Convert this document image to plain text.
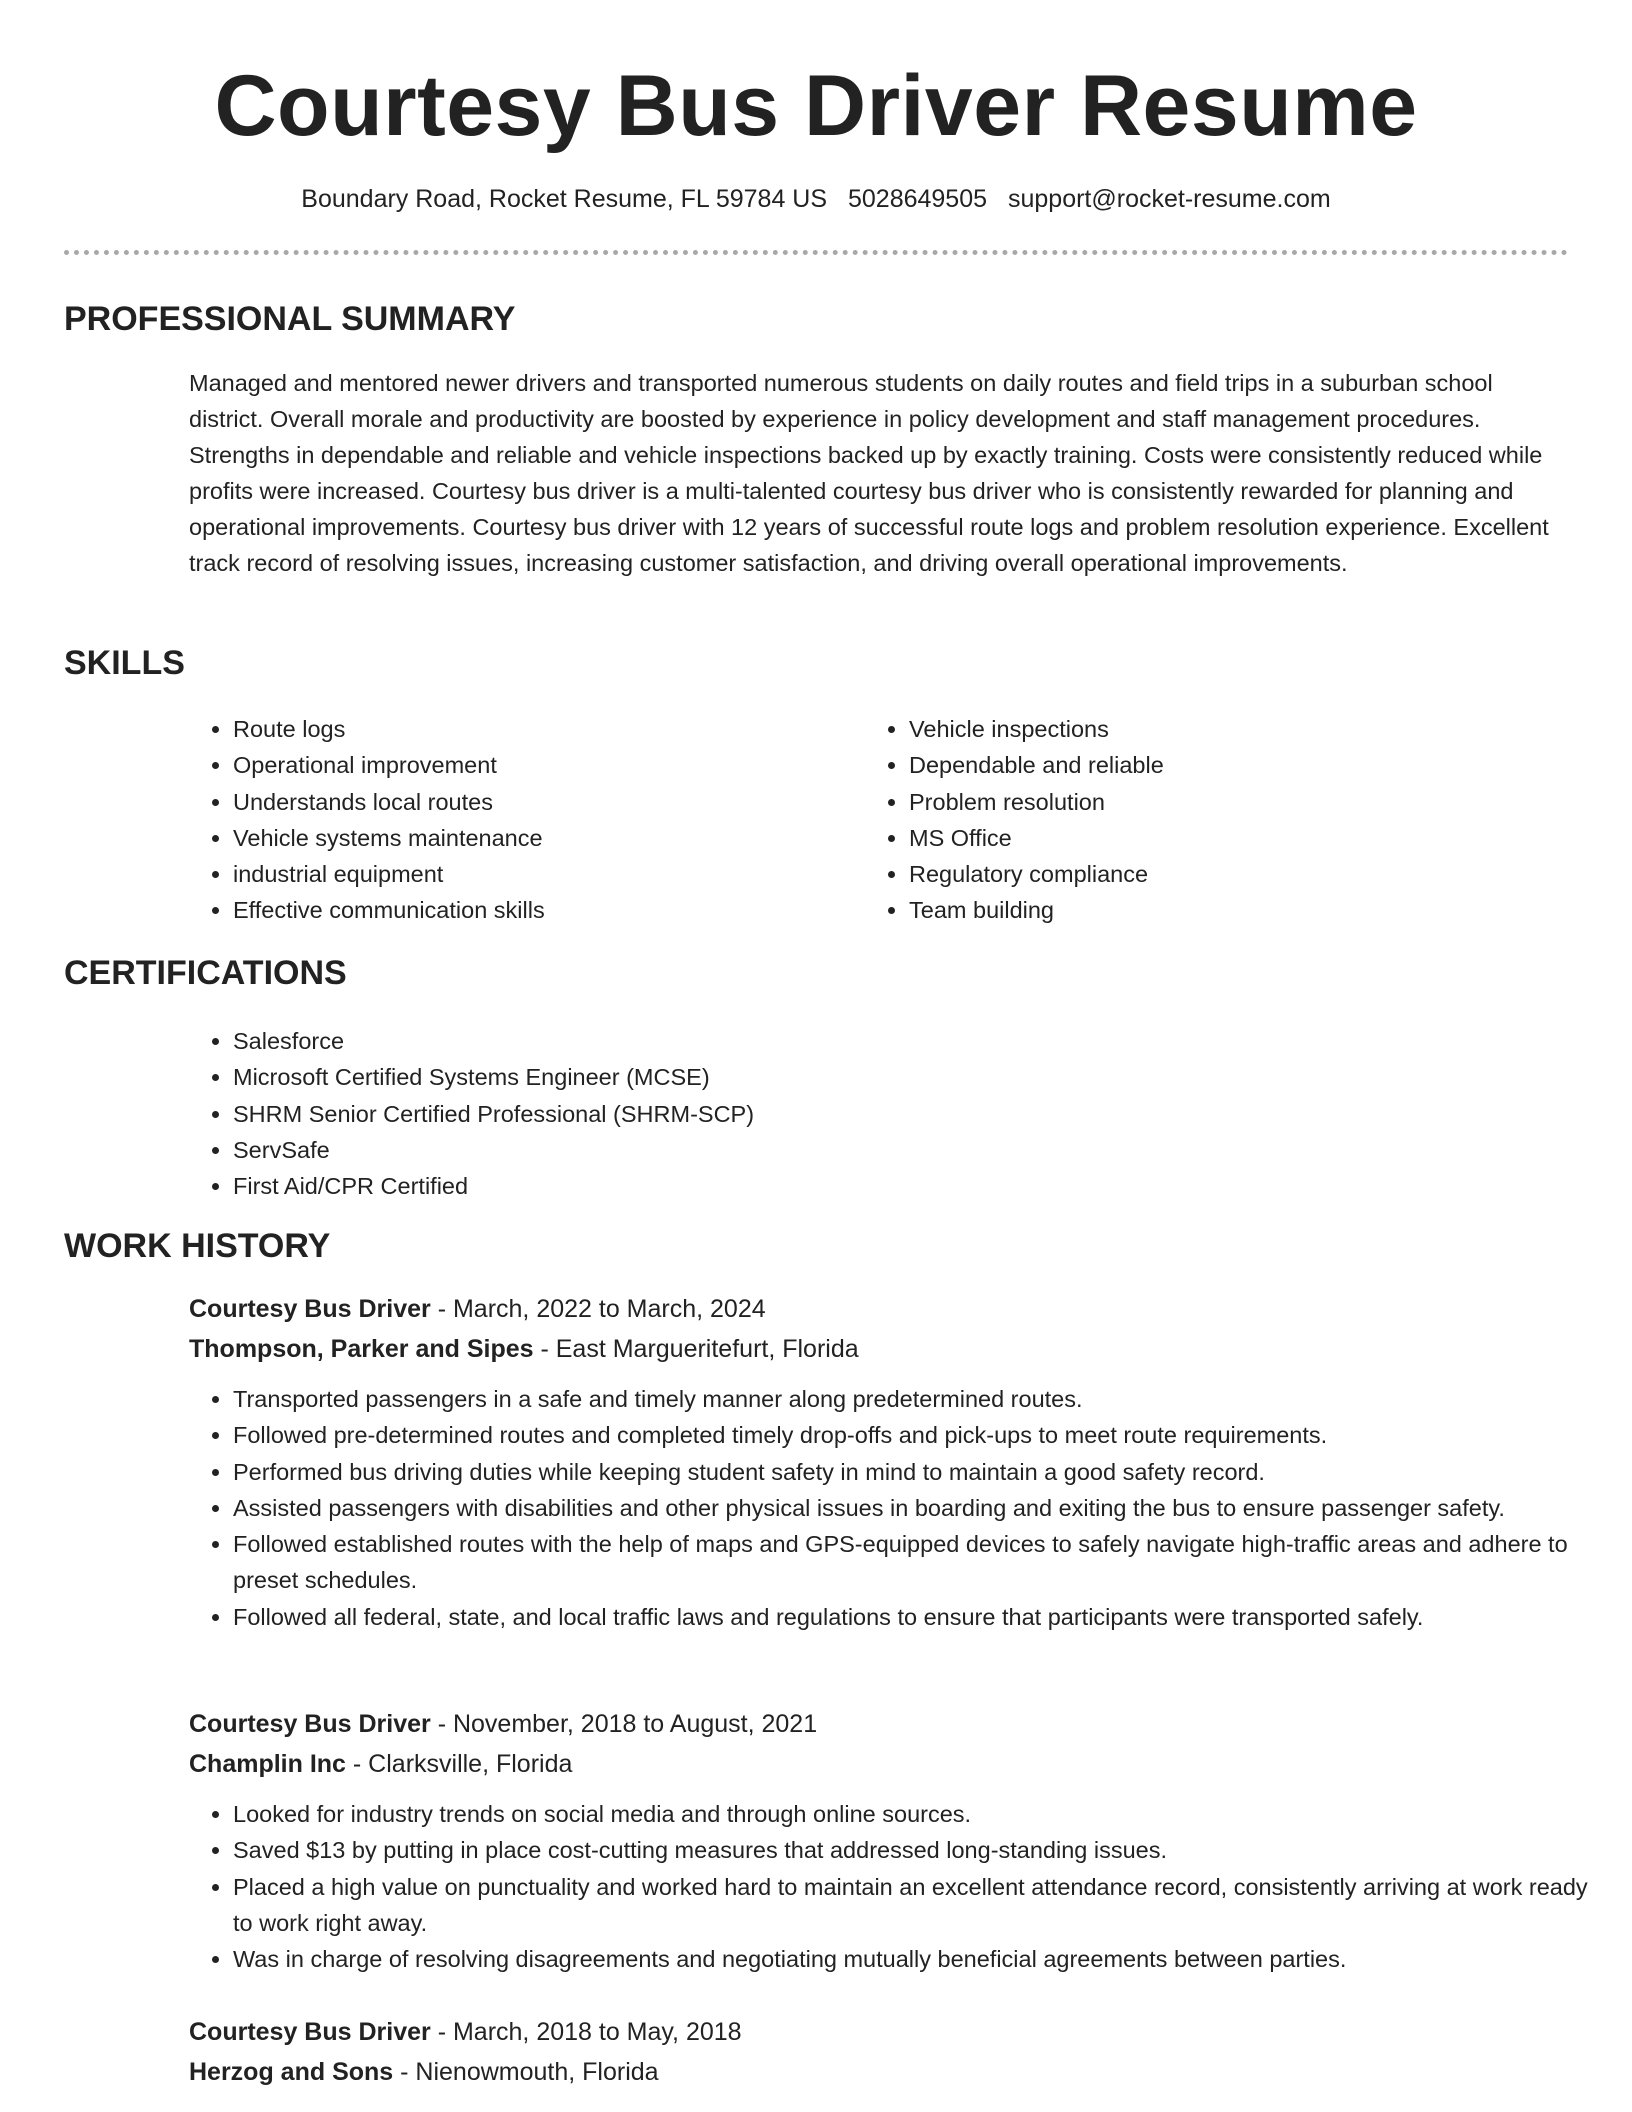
Courtesy Bus Driver Resume
Boundary Road, Rocket Resume, FL 59784 US 5028649505 support@rocket-resume.com
PROFESSIONAL SUMMARY

Managed and mentored newer drivers and transported numerous students on daily routes and field trips in a suburban school district. Overall morale and productivity are boosted by experience in policy development and staff management procedures. Strengths in dependable and reliable and vehicle inspections backed up by exactly training. Costs were consistently reduced while profits were increased. Courtesy bus driver is a multi-talented courtesy bus driver who is consistently rewarded for planning and operational improvements. Courtesy bus driver with 12 years of successful route logs and problem resolution experience. Excellent track record of resolving issues, increasing customer satisfaction, and driving overall operational improvements.

SKILLS
• Route logs
• Operational improvement
• Understands local routes
• Vehicle systems maintenance
• industrial equipment
• Effective communication skills
• Vehicle inspections
• Dependable and reliable
• Problem resolution
• MS Office
• Regulatory compliance
• Team building
CERTIFICATIONS
• Salesforce
• Microsoft Certified Systems Engineer (MCSE)
• SHRM Senior Certified Professional (SHRM-SCP)
• ServSafe
• First Aid/CPR Certified
WORK HISTORY
Courtesy Bus Driver - March, 2022 to March, 2024
Thompson, Parker and Sipes - East Margueritefurt, Florida
• Transported passengers in a safe and timely manner along predetermined routes.
• Followed pre-determined routes and completed timely drop-offs and pick-ups to meet route requirements.
• Performed bus driving duties while keeping student safety in mind to maintain a good safety record.
• Assisted passengers with disabilities and other physical issues in boarding and exiting the bus to ensure passenger safety.
• Followed established routes with the help of maps and GPS-equipped devices to safely navigate high-traffic areas and adhere to preset schedules.
• Followed all federal, state, and local traffic laws and regulations to ensure that participants were transported safely.
Courtesy Bus Driver - November, 2018 to August, 2021
Champlin Inc - Clarksville, Florida
• Looked for industry trends on social media and through online sources.
• Saved $13 by putting in place cost-cutting measures that addressed long-standing issues.
• Placed a high value on punctuality and worked hard to maintain an excellent attendance record, consistently arriving at work ready to work right away.
• Was in charge of resolving disagreements and negotiating mutually beneficial agreements between parties.
Courtesy Bus Driver - March, 2018 to May, 2018
Herzog and Sons - Nienowmouth, Florida
